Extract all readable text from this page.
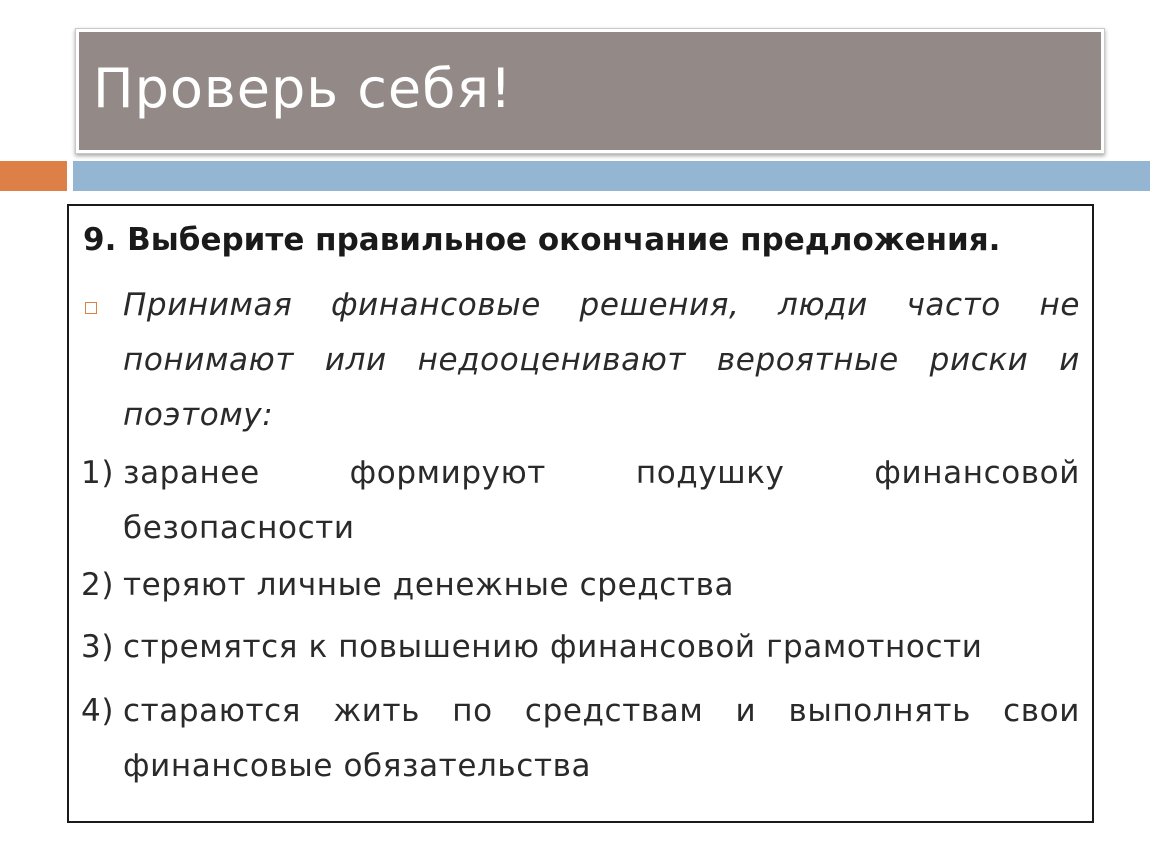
Проверь себя!
9. Выберите правильное окончание предложения.
Принимая финансовые решения, люди часто не понимают или недооценивают вероятные риски и поэтому:
1) заранее формируют подушку финансовой безопасности
2) теряют личные денежные средства
3) стремятся к повышению финансовой грамотности
4) стараются жить по средствам и выполнять свои финансовые обязательства
